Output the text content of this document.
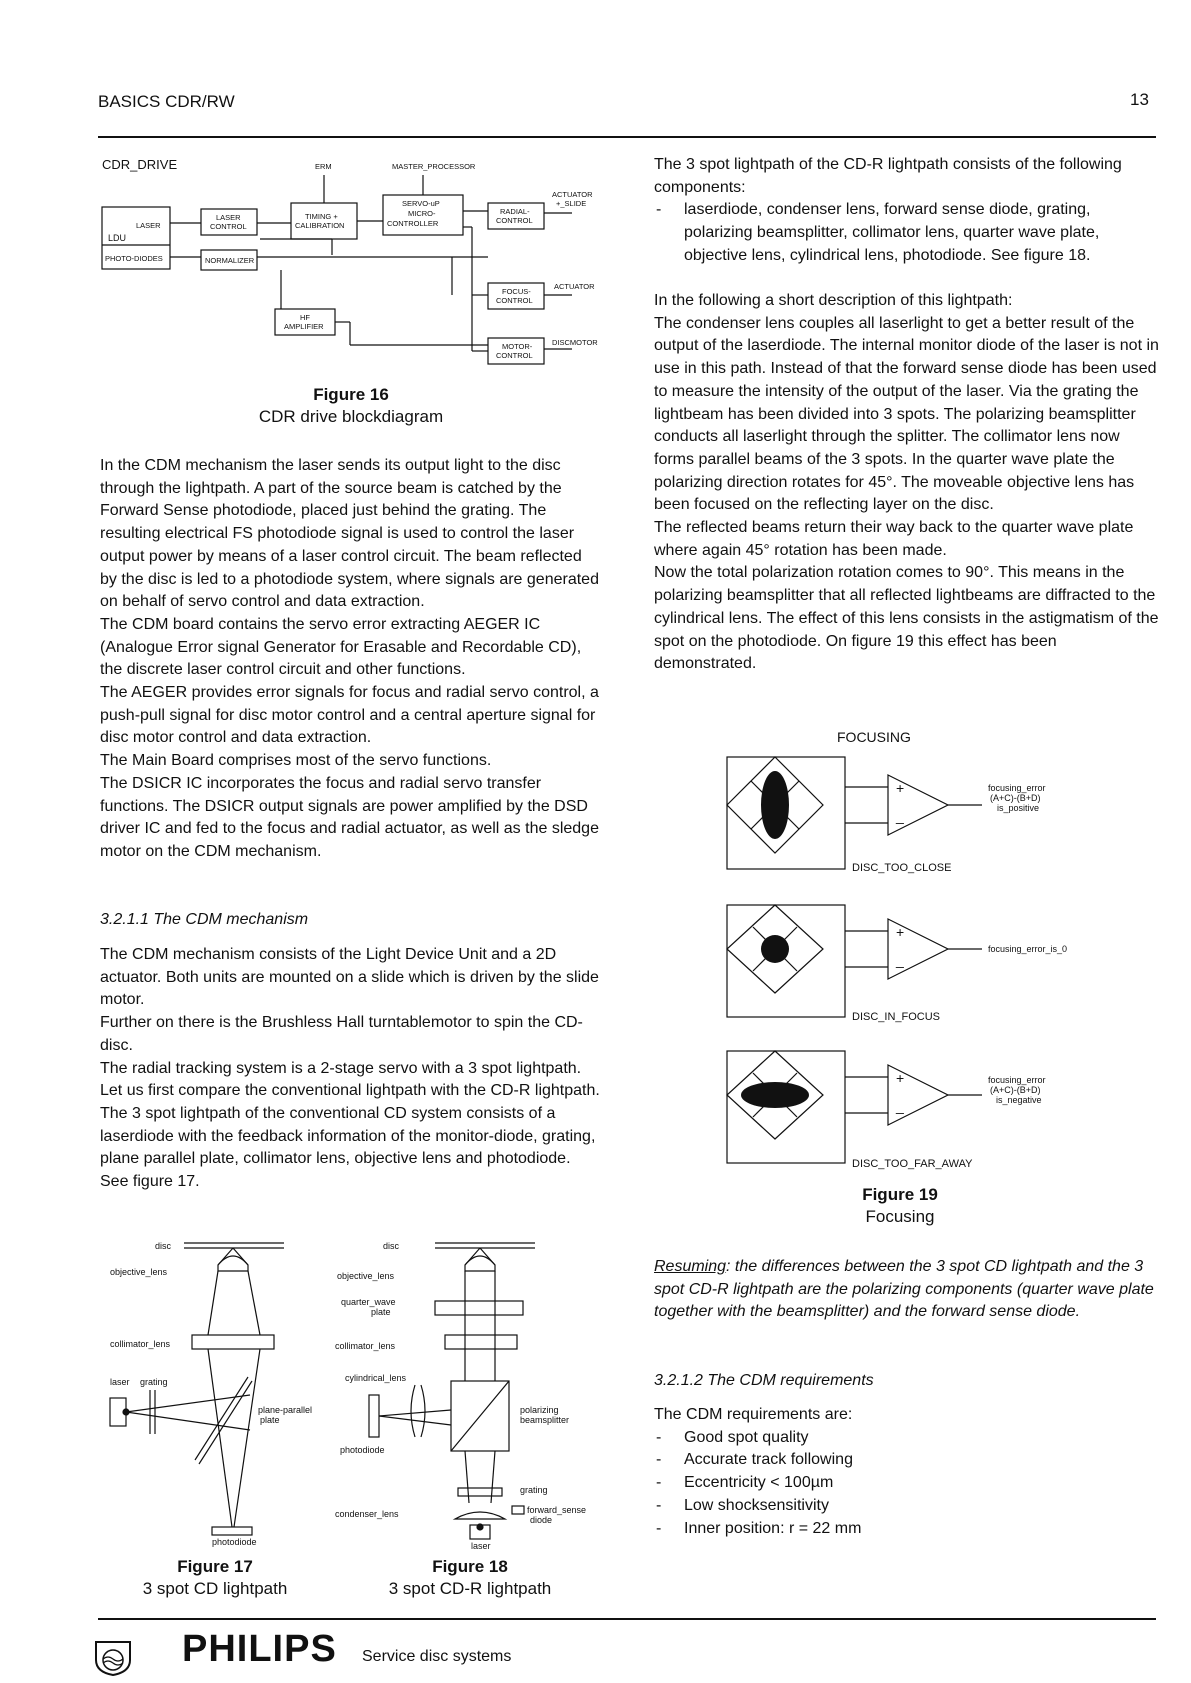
BASICS CDR/RW	13
CDR_DRIVE	ERM	MASTER_PROCESSOR
LASER
LDU
PHOTO-DIODES
LASER
CONTROL
NORMALIZER
TIMING +
CALIBRATION
SERVO-uP
MICRO-
CONTROLLER
RADIAL-
CONTROL
ACTUATOR
+_SLIDE
FOCUS-
CONTROL
ACTUATOR
HF
AMPLIFIER
MOTOR-
CONTROL
DISCMOTOR
Figure 16
CDR drive blockdiagram

In the CDM mechanism the laser sends its output light to the disc through the lightpath. A part of the source beam is catched by the Forward Sense photodiode, placed just behind the grating. The resulting electrical FS photodiode signal is used to control the laser output power by means of a laser control circuit. The beam reflected by the disc is led to a photodiode system, where signals are generated on behalf of servo control and data extraction.

The CDM board contains the servo error extracting AEGER IC (Analogue Error signal Generator for Erasable and Recordable CD), the discrete laser control circuit and other functions.

The AEGER provides error signals for focus and radial servo control, a push-pull signal for disc motor control and a central aperture signal for disc motor control and data extraction.

The Main Board comprises most of the servo functions.

The DSICR IC incorporates the focus and radial servo transfer functions. The DSICR output signals are power amplified by the DSD driver IC and fed to the focus and radial actuator, as well as the sledge motor on the CDM mechanism.

3.2.1.1 The CDM mechanism

The CDM mechanism consists of the Light Device Unit and a 2D actuator. Both units are mounted on a slide which is driven by the slide motor.

Further on there is the Brushless Hall turntablemotor to spin the CD-disc.

The radial tracking system is a 2-stage servo with a 3 spot lightpath. Let us first compare the conventional lightpath with the CD-R lightpath.

The 3 spot lightpath of the conventional CD system consists of a laserdiode with the feedback information of the monitor-diode, grating, plane parallel plate, collimator lens, objective lens and photodiode. See figure 17.

disc
objective_lens
collimator_lens
laser grating
plane-parallel
plate
photodiode
Figure 17
3 spot CD lightpath
disc
objective_lens
quarter_wave
plate
collimator_lens
cylindrical_lens
polarizing
beamsplitter
photodiode
grating
condenser_lens	forward_sense
diode
laser
Figure 18
3 spot CD-R lightpath

The 3 spot lightpath of the CD-R lightpath consists of the following components:

- laserdiode, condenser lens, forward sense diode, grating, polarizing beamsplitter, collimator lens, quarter wave plate, objective lens, cylindrical lens, photodiode. See figure 18.

In the following a short description of this lightpath:

The condenser lens couples all laserlight to get a better result of the output of the laserdiode. The internal monitor diode of the laser is not in use in this path. Instead of that the forward sense diode has been used to measure the intensity of the output of the laser. Via the grating the lightbeam has been divided into 3 spots. The polarizing beamsplitter conducts all laserlight through the splitter. The collimator lens now forms parallel beams of the 3 spots. In the quarter wave plate the polarizing direction rotates for 45°. The moveable objective lens has been focused on the reflecting layer on the disc.

The reflected beams return their way back to the quarter wave plate where again 45° rotation has been made.

Now the total polarization rotation comes to 90°. This means in the polarizing beamsplitter that all reflected lightbeams are diffracted to the cylindrical lens. The effect of this lens consists in the astigmatism of the spot on the photodiode. On figure 19 this effect has been demonstrated.

FOCUSING
+
_
focusing_error
(A+C)-(B+D)
is_positive
DISC_TOO_CLOSE
+
_
focusing_error_is_0
DISC_IN_FOCUS
+
_
focusing_error
(A+C)-(B+D)
is_negative
DISC_TOO_FAR_AWAY
Figure 19
Focusing
Resuming: the differences between the 3 spot CD lightpath and the 3 spot CD-R lightpath are the polarizing components (quarter wave plate together with the beamsplitter) and the forward sense diode.
3.2.1.2 The CDM requirements

The CDM requirements are:

- Good spot quality
- Accurate track following
- Eccentricity < 100µm
- Low shocksensitivity
- Inner position: r = 22 mm
PHILIPS Service disc systems
